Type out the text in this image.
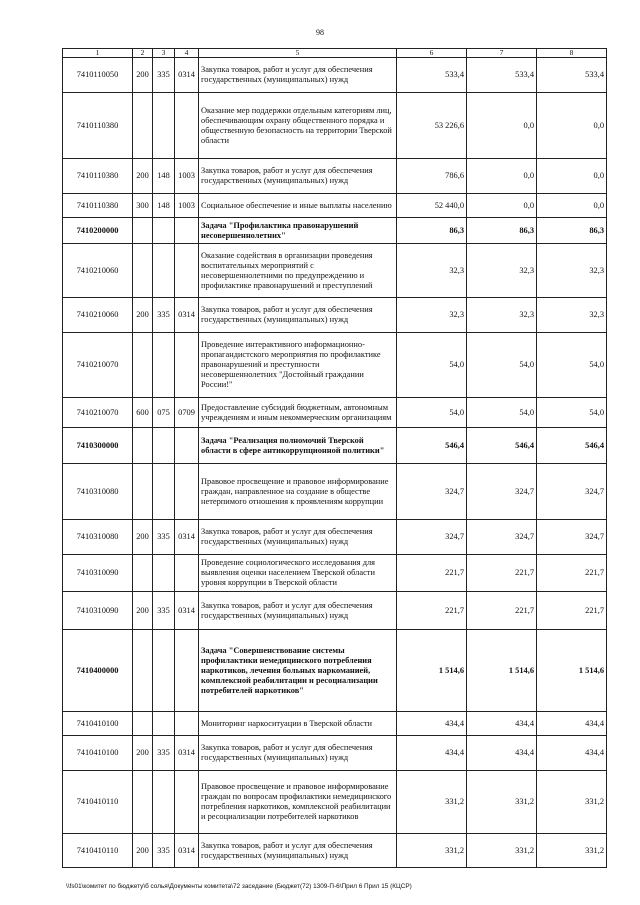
98
1	2	3	4	5	6	7	8
7410110050	200	335	0314	Закупка товаров, работ и услуг для обеспечения государственных (муниципальных) нужд	533,4	533,4	533,4
7410110380				Оказание мер поддержки отдельным категориям лиц, обеспечивающим охрану общественного порядка и общественную безопасность на территории Тверской области	53 226,6	0,0	0,0
7410110380	200	148	1003	Закупка товаров, работ и услуг для обеспечения государственных (муниципальных) нужд	786,6	0,0	0,0
7410110380	300	148	1003	Социальное обеспечение и иные выплаты населению	52 440,0	0,0	0,0
7410200000				Задача "Профилактика правонарушений несовершеннолетних"	86,3	86,3	86,3
7410210060				Оказание содействия в организации проведения воспитательных мероприятий с несовершеннолетними по предупреждению и профилактике правонарушений и преступлений	32,3	32,3	32,3
7410210060	200	335	0314	Закупка товаров, работ и услуг для обеспечения государственных (муниципальных) нужд	32,3	32,3	32,3
7410210070				Проведение интерактивного информационно-пропагандистского мероприятия по профилактике правонарушений и преступности несовершеннолетних "Достойный граждании России!"	54,0	54,0	54,0
7410210070	600	075	0709	Предоставление субсидий бюджетным, автономным учреждениям и иным некоммерческим организациям	54,0	54,0	54,0
7410300000				Задача "Реализация полномочий Тверской области в сфере антикоррупционной политики"	546,4	546,4	546,4
7410310080				Правовое просвещение и правовое информирование граждан, направленное на создание в обществе нетерпимого отношения к проявлениям коррупции	324,7	324,7	324,7
7410310080	200	335	0314	Закупка товаров, работ и услуг для обеспечения государственных (муниципальных) нужд	324,7	324,7	324,7
7410310090				Проведение социологического исследования для выявления оценки населением Тверской области уровня коррупции в Тверской области	221,7	221,7	221,7
7410310090	200	335	0314	Закупка товаров, работ и услуг для обеспечения государственных (муниципальных) нужд	221,7	221,7	221,7
7410400000				Задача "Совершенствование системы профилактики немедицинского потребления наркотиков, лечения больных наркоманией, комплексной реабилитации и ресоциализации потребителей наркотиков"	1 514,6	1 514,6	1 514,6
7410410100				Мониторинг наркоситуации в Тверской области	434,4	434,4	434,4
7410410100	200	335	0314	Закупка товаров, работ и услуг для обеспечения государственных (муниципальных) нужд	434,4	434,4	434,4
7410410110				Правовое просвещение и правовое информирование граждан по вопросам профилактики немедицинского потребления наркотиков, комплексной реабилитации и ресоциализации потребителей наркотиков	331,2	331,2	331,2
7410410110	200	335	0314	Закупка товаров, работ и услуг для обеспечения государственных (муниципальных) нужд	331,2	331,2	331,2
\\fs01\комитет по бюджету\б солья\Документы комитета\72 заседание (Бюджет(72) 1309-П-6\Прил 6 Прил 15 (КЦСР)
